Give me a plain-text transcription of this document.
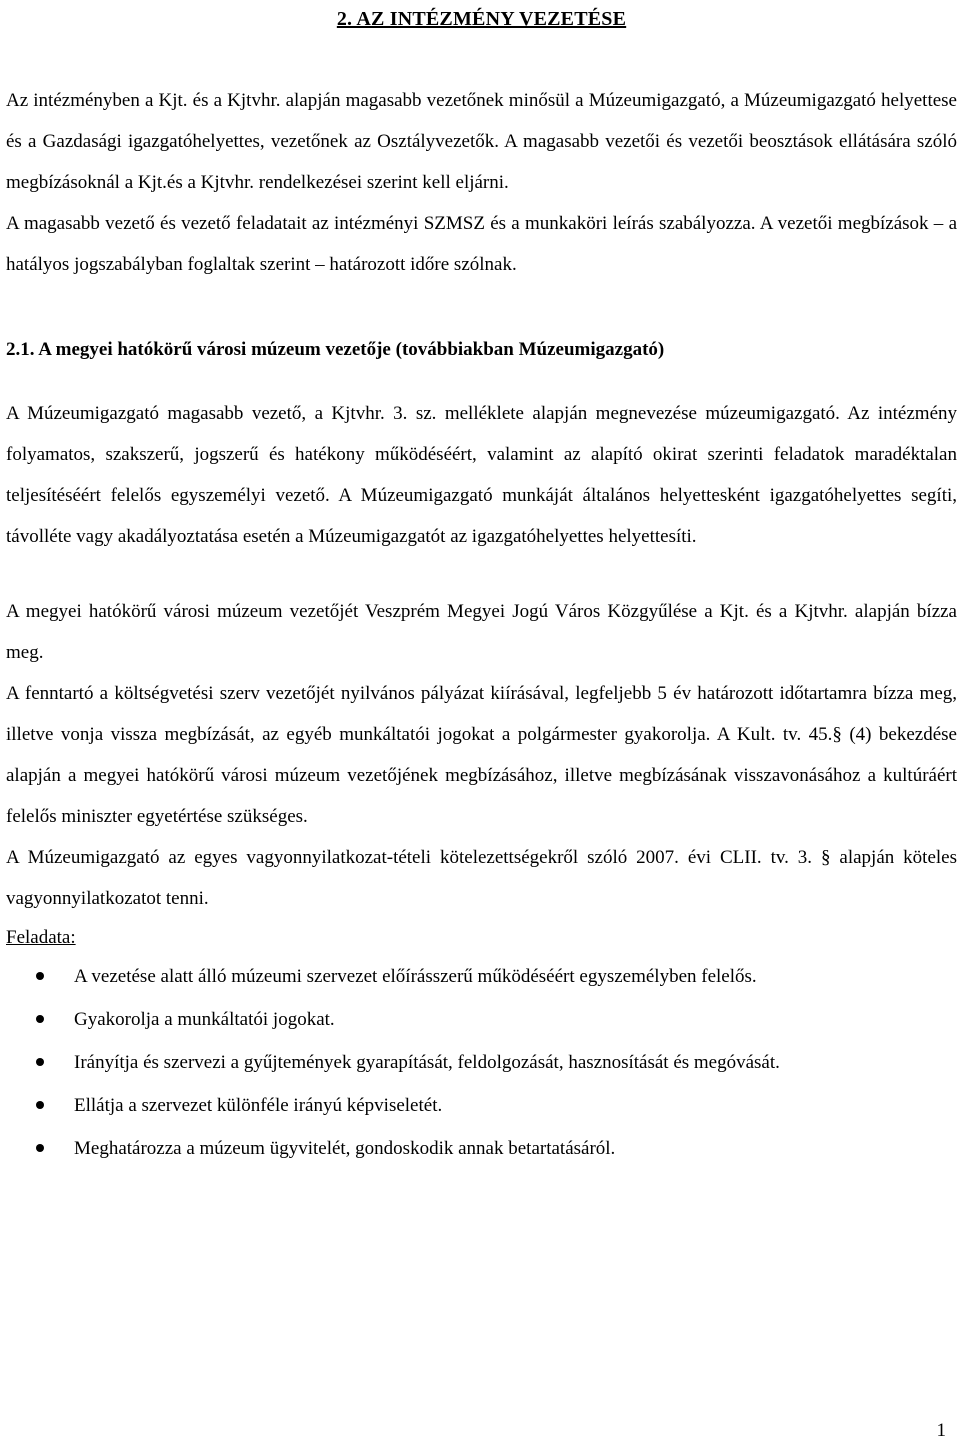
2. AZ INTÉZMÉNY VEZETÉSE

Az intézményben a Kjt. és a Kjtvhr. alapján magasabb vezetőnek minősül a Múzeumigazgató, a Múzeumigazgató helyettese és a Gazdasági igazgatóhelyettes, vezetőnek az Osztályvezetők. A magasabb vezetői és vezetői beosztások ellátására szóló megbízásoknál a Kjt.és a Kjtvhr. rendelkezései szerint kell eljárni.

A magasabb vezető és vezető feladatait az intézményi SZMSZ és a munkaköri leírás szabályozza. A vezetői megbízások – a hatályos jogszabályban foglaltak szerint – határozott időre szólnak.

2.1. A megyei hatókörű városi múzeum vezetője (továbbiakban Múzeumigazgató)

A Múzeumigazgató magasabb vezető, a Kjtvhr. 3. sz. melléklete alapján megnevezése múzeumigazgató. Az intézmény folyamatos, szakszerű, jogszerű és hatékony működéséért, valamint az alapító okirat szerinti feladatok maradéktalan teljesítéséért felelős egyszemélyi vezető. A Múzeumigazgató munkáját általános helyettesként igazgatóhelyettes segíti, távolléte vagy akadályoztatása esetén a Múzeumigazgatót az igazgatóhelyettes helyettesíti.

A megyei hatókörű városi múzeum vezetőjét Veszprém Megyei Jogú Város Közgyűlése a Kjt. és a Kjtvhr. alapján bízza meg.

A fenntartó a költségvetési szerv vezetőjét nyilvános pályázat kiírásával, legfeljebb 5 év határozott időtartamra bízza meg, illetve vonja vissza megbízását, az egyéb munkáltatói jogokat a polgármester gyakorolja. A Kult. tv. 45.§ (4) bekezdése alapján a megyei hatókörű városi múzeum vezetőjének megbízásához, illetve megbízásának visszavonásához a kultúráért felelős miniszter egyetértése szükséges.

A Múzeumigazgató az egyes vagyonnyilatkozat-tételi kötelezettségekről szóló 2007. évi CLII. tv. 3. § alapján köteles vagyonnyilatkozatot tenni.

Feladata:
A vezetése alatt álló múzeumi szervezet előírásszerű működéséért egyszemélyben felelős.
Gyakorolja a munkáltatói jogokat.
Irányítja és szervezi a gyűjtemények gyarapítását, feldolgozását, hasznosítását és megóvását.
Ellátja a szervezet különféle irányú képviseletét.
Meghatározza a múzeum ügyvitelét, gondoskodik annak betartatásáról.
1
